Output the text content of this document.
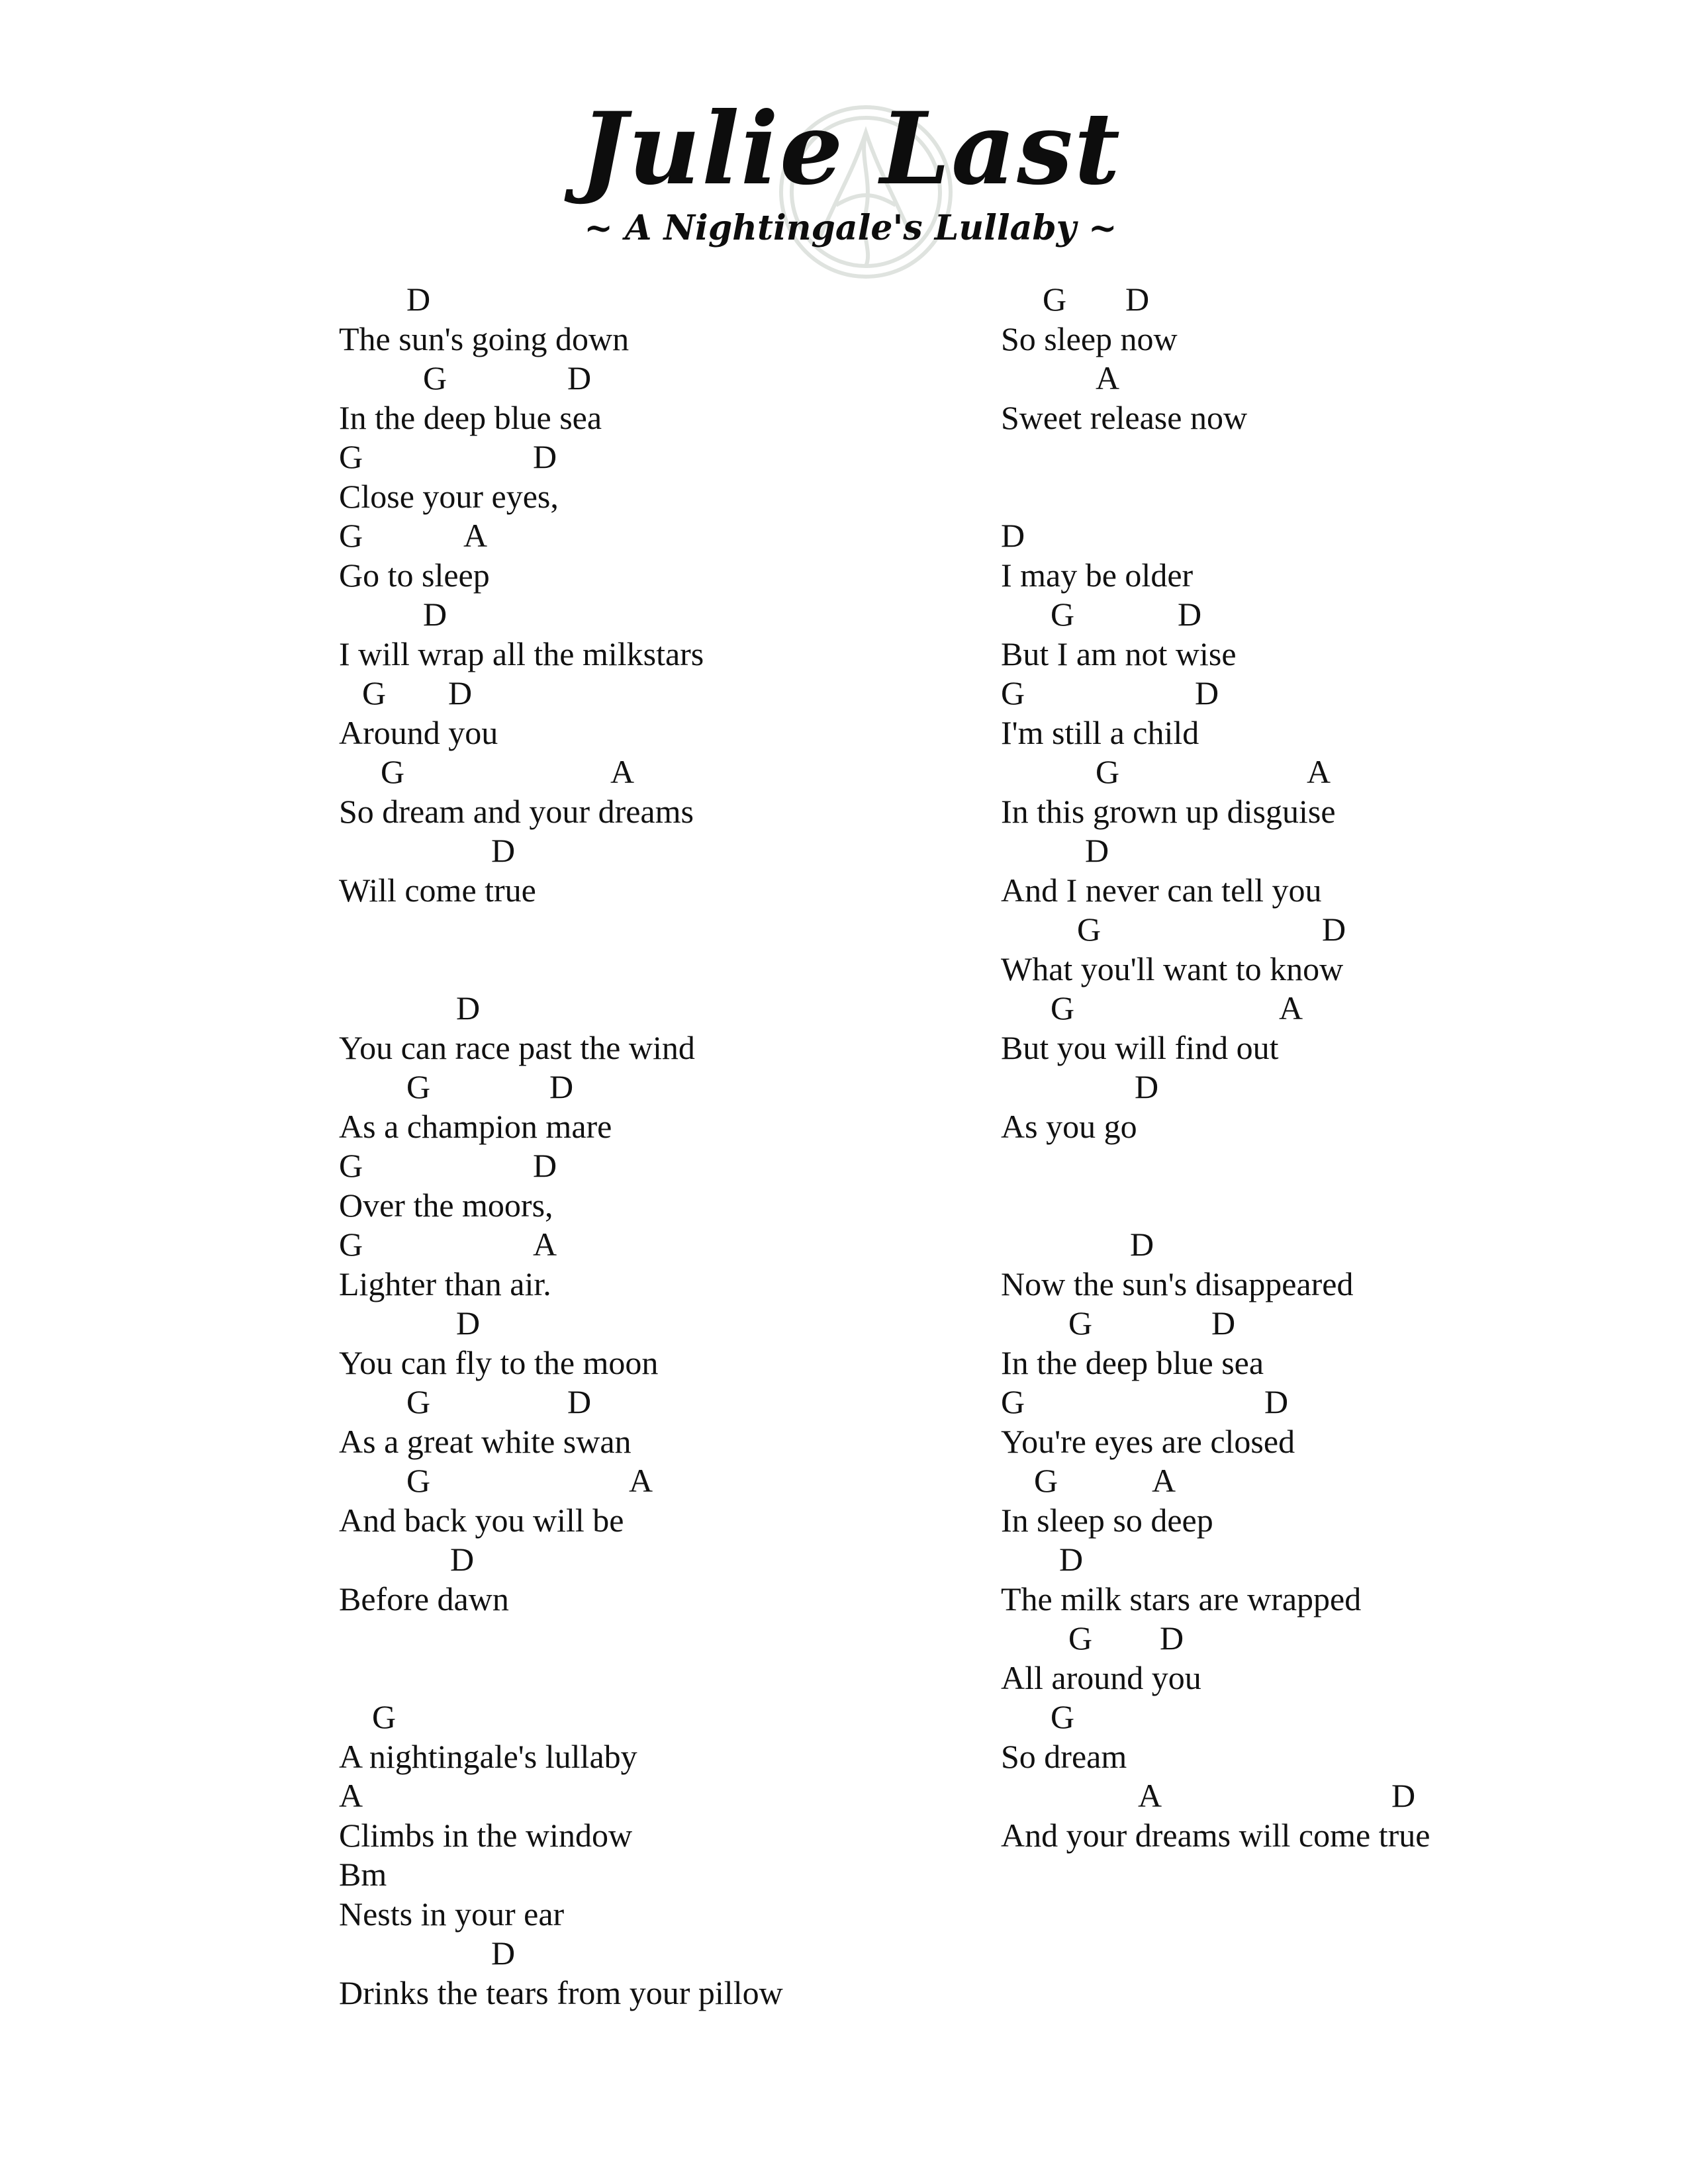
Julie Last
~ A Nightingale's Lullaby ~
D
The sun's going down
G	D
In the deep blue sea
G	D
Close your eyes,
G	A
Go to sleep
D
I will wrap all the milkstars
G D
Around you
G	A
So dream and your dreams
D
Will come true
D
You can race past the wind
G	D
As a champion mare
G	D
Over the moors,
G	A
Lighter than air.
D
You can fly to the moon
G	D
As a great white swan
G	A
And back you will be
D
Before dawn
G
A nightingale's lullaby
A
Climbs in the window
Bm
Nests in your ear
D
Drinks the tears from your pillow
G D
So sleep now
A
Sweet release now
D
I may be older
G	D
But I am not wise
G	D
I'm still a child
G	A
In this grown up disguise
D
And I never can tell you
G	D
What you'll want to know
G	A
But you will find out
D
As you go
D
Now the sun's disappeared
G	D
In the deep blue sea
G	D
You're eyes are closed
G	A
In sleep so deep
D
The milk stars are wrapped
G D
All around you
G
So dream
A	D
And your dreams will come true
